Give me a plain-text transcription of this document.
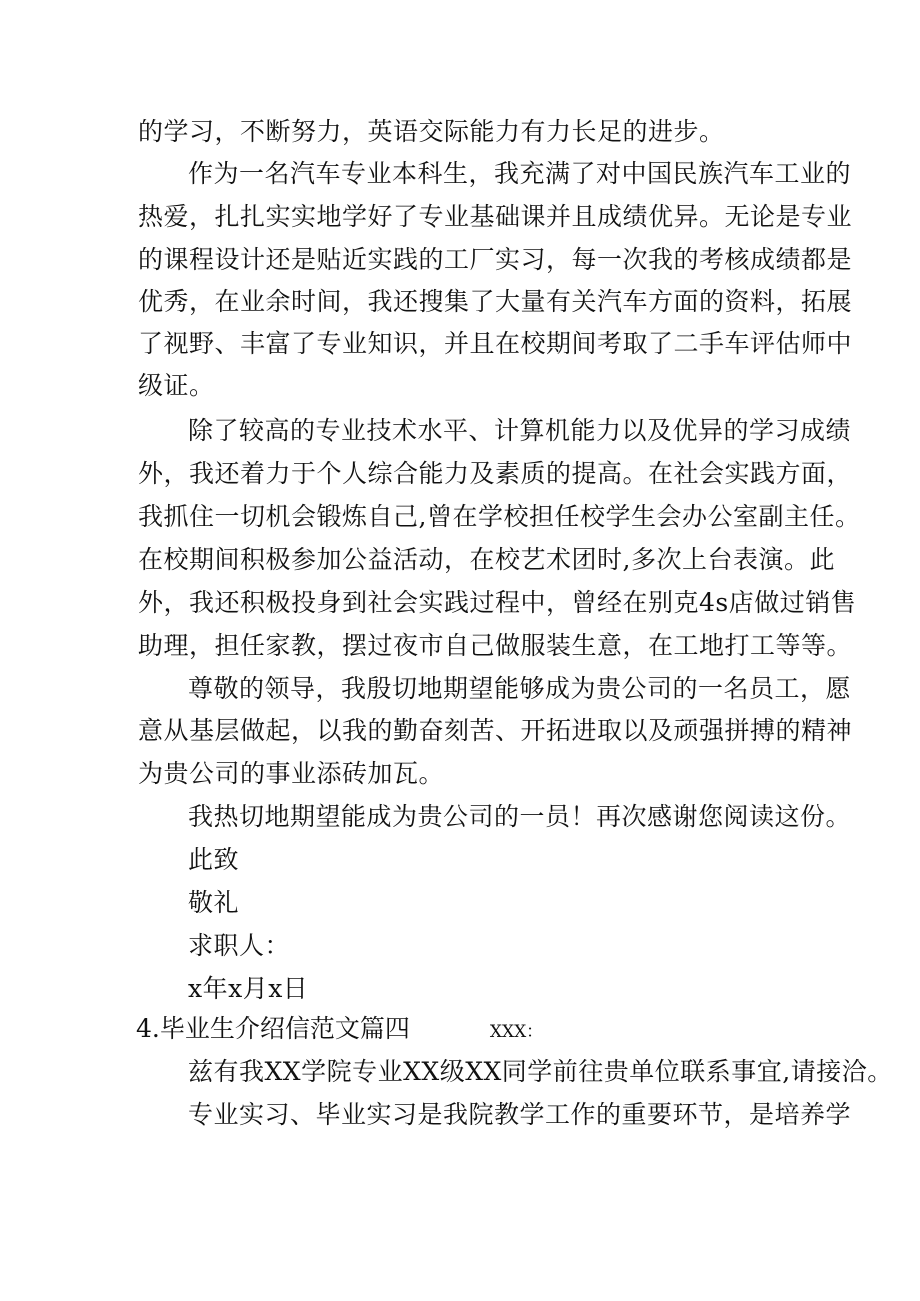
的学习，不断努力，英语交际能力有力长足的进步。
作为一名汽车专业本科生，我充满了对中国民族汽车工业的
热爱，扎扎实实地学好了专业基础课并且成绩优异。无论是专业
的课程设计还是贴近实践的工厂实习，每一次我的考核成绩都是
优秀，在业余时间，我还搜集了大量有关汽车方面的资料，拓展
了视野、丰富了专业知识，并且在校期间考取了二手车评估师中
级证。
除了较高的专业技术水平、计算机能力以及优异的学习成绩
外，我还着力于个人综合能力及素质的提高。在社会实践方面，
我抓住一切机会锻炼自己,曾在学校担任校学生会办公室副主任。
在校期间积极参加公益活动，在校艺术团时,多次上台表演。此
外，我还积极投身到社会实践过程中，曾经在别克4s店做过销售
助理，担任家教，摆过夜市自己做服装生意，在工地打工等等。
尊敬的领导，我殷切地期望能够成为贵公司的一名员工，愿
意从基层做起，以我的勤奋刻苦、开拓进取以及顽强拼搏的精神
为贵公司的事业添砖加瓦。
我热切地期望能成为贵公司的一员！再次感谢您阅读这份。
此致
敬礼
求职人：
x年x月x日
4.毕业生介绍信范文篇四	XXX：
兹有我XX学院专业XX级XX同学前往贵单位联系事宜,请接洽。
专业实习、毕业实习是我院教学工作的重要环节，是培养学
